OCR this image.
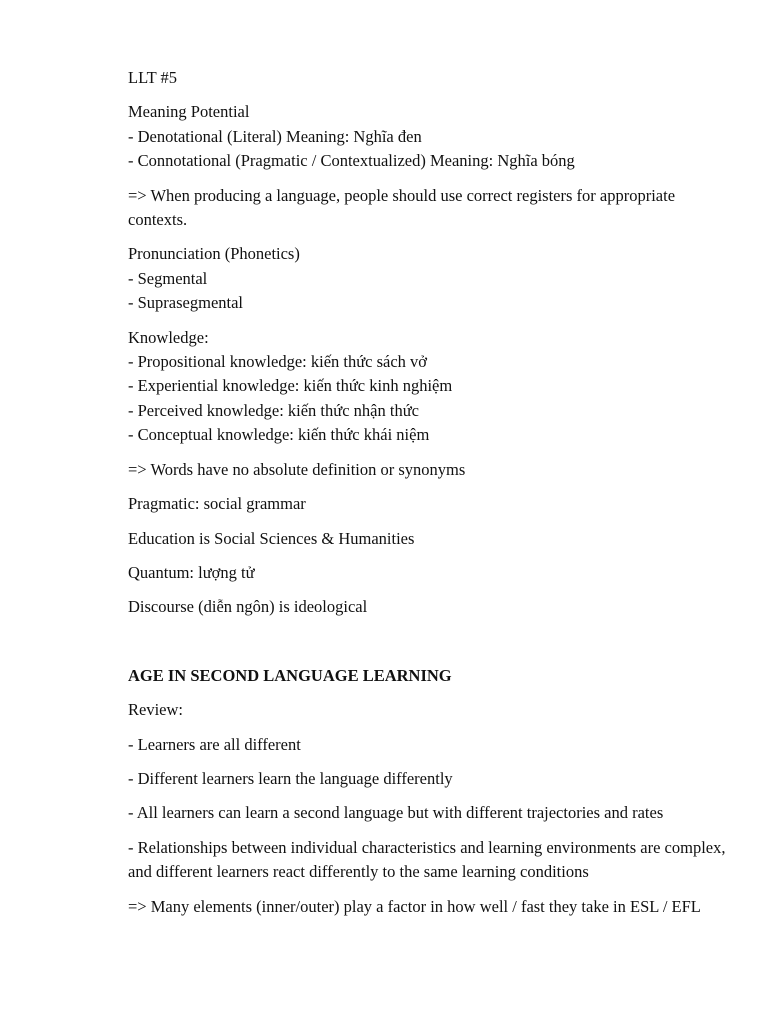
LLT #5

Meaning Potential
- Denotational (Literal) Meaning: Nghĩa đen
- Connotational (Pragmatic / Contextualized) Meaning: Nghĩa bóng

=> When producing a language, people should use correct registers for appropriate contexts.

Pronunciation (Phonetics)
- Segmental
- Suprasegmental

Knowledge:
- Propositional knowledge: kiến thức sách vở
- Experiential knowledge: kiến thức kinh nghiệm
- Perceived knowledge: kiến thức nhận thức
- Conceptual knowledge: kiến thức khái niệm

=> Words have no absolute definition or synonyms

Pragmatic: social grammar

Education is Social Sciences & Humanities

Quantum: lượng tử

Discourse (diễn ngôn) is ideological

AGE IN SECOND LANGUAGE LEARNING

Review:

- Learners are all different

- Different learners learn the language differently

- All learners can learn a second language but with different trajectories and rates

- Relationships between individual characteristics and learning environments are complex, and different learners react differently to the same learning conditions

=> Many elements (inner/outer) play a factor in how well / fast they take in ESL / EFL
